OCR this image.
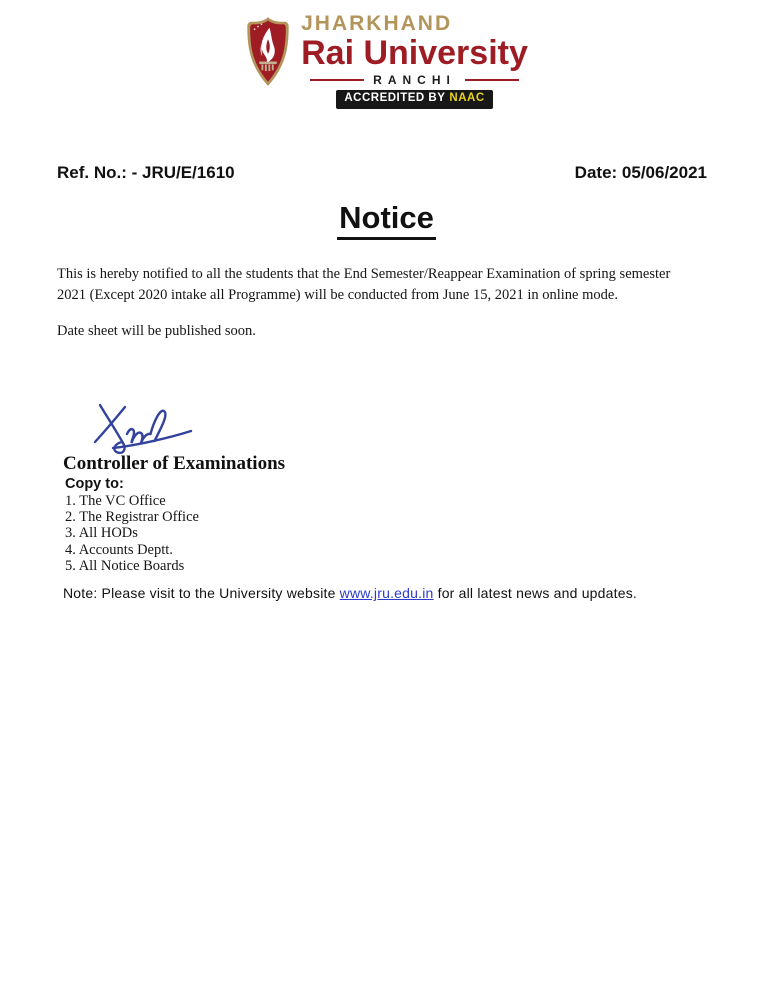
JHARKHAND
Rai University
RANCHI
ACCREDITED BY NAAC
Ref. No.: - JRU/E/1610	Date: 05/06/2021
Notice
This is hereby notified to all the students that the End Semester/Reappear Examination of spring semester
2021 (Except 2020 intake all Programme) will be conducted from June 15, 2021 in online mode.
Date sheet will be published soon.
Controller of Examinations
Copy to:
1. The VC Office
2. The Registrar Office
3. All HODs
4. Accounts Deptt.
5. All Notice Boards

Note: Please visit to the University website www.jru.edu.in for all latest news and updates.
